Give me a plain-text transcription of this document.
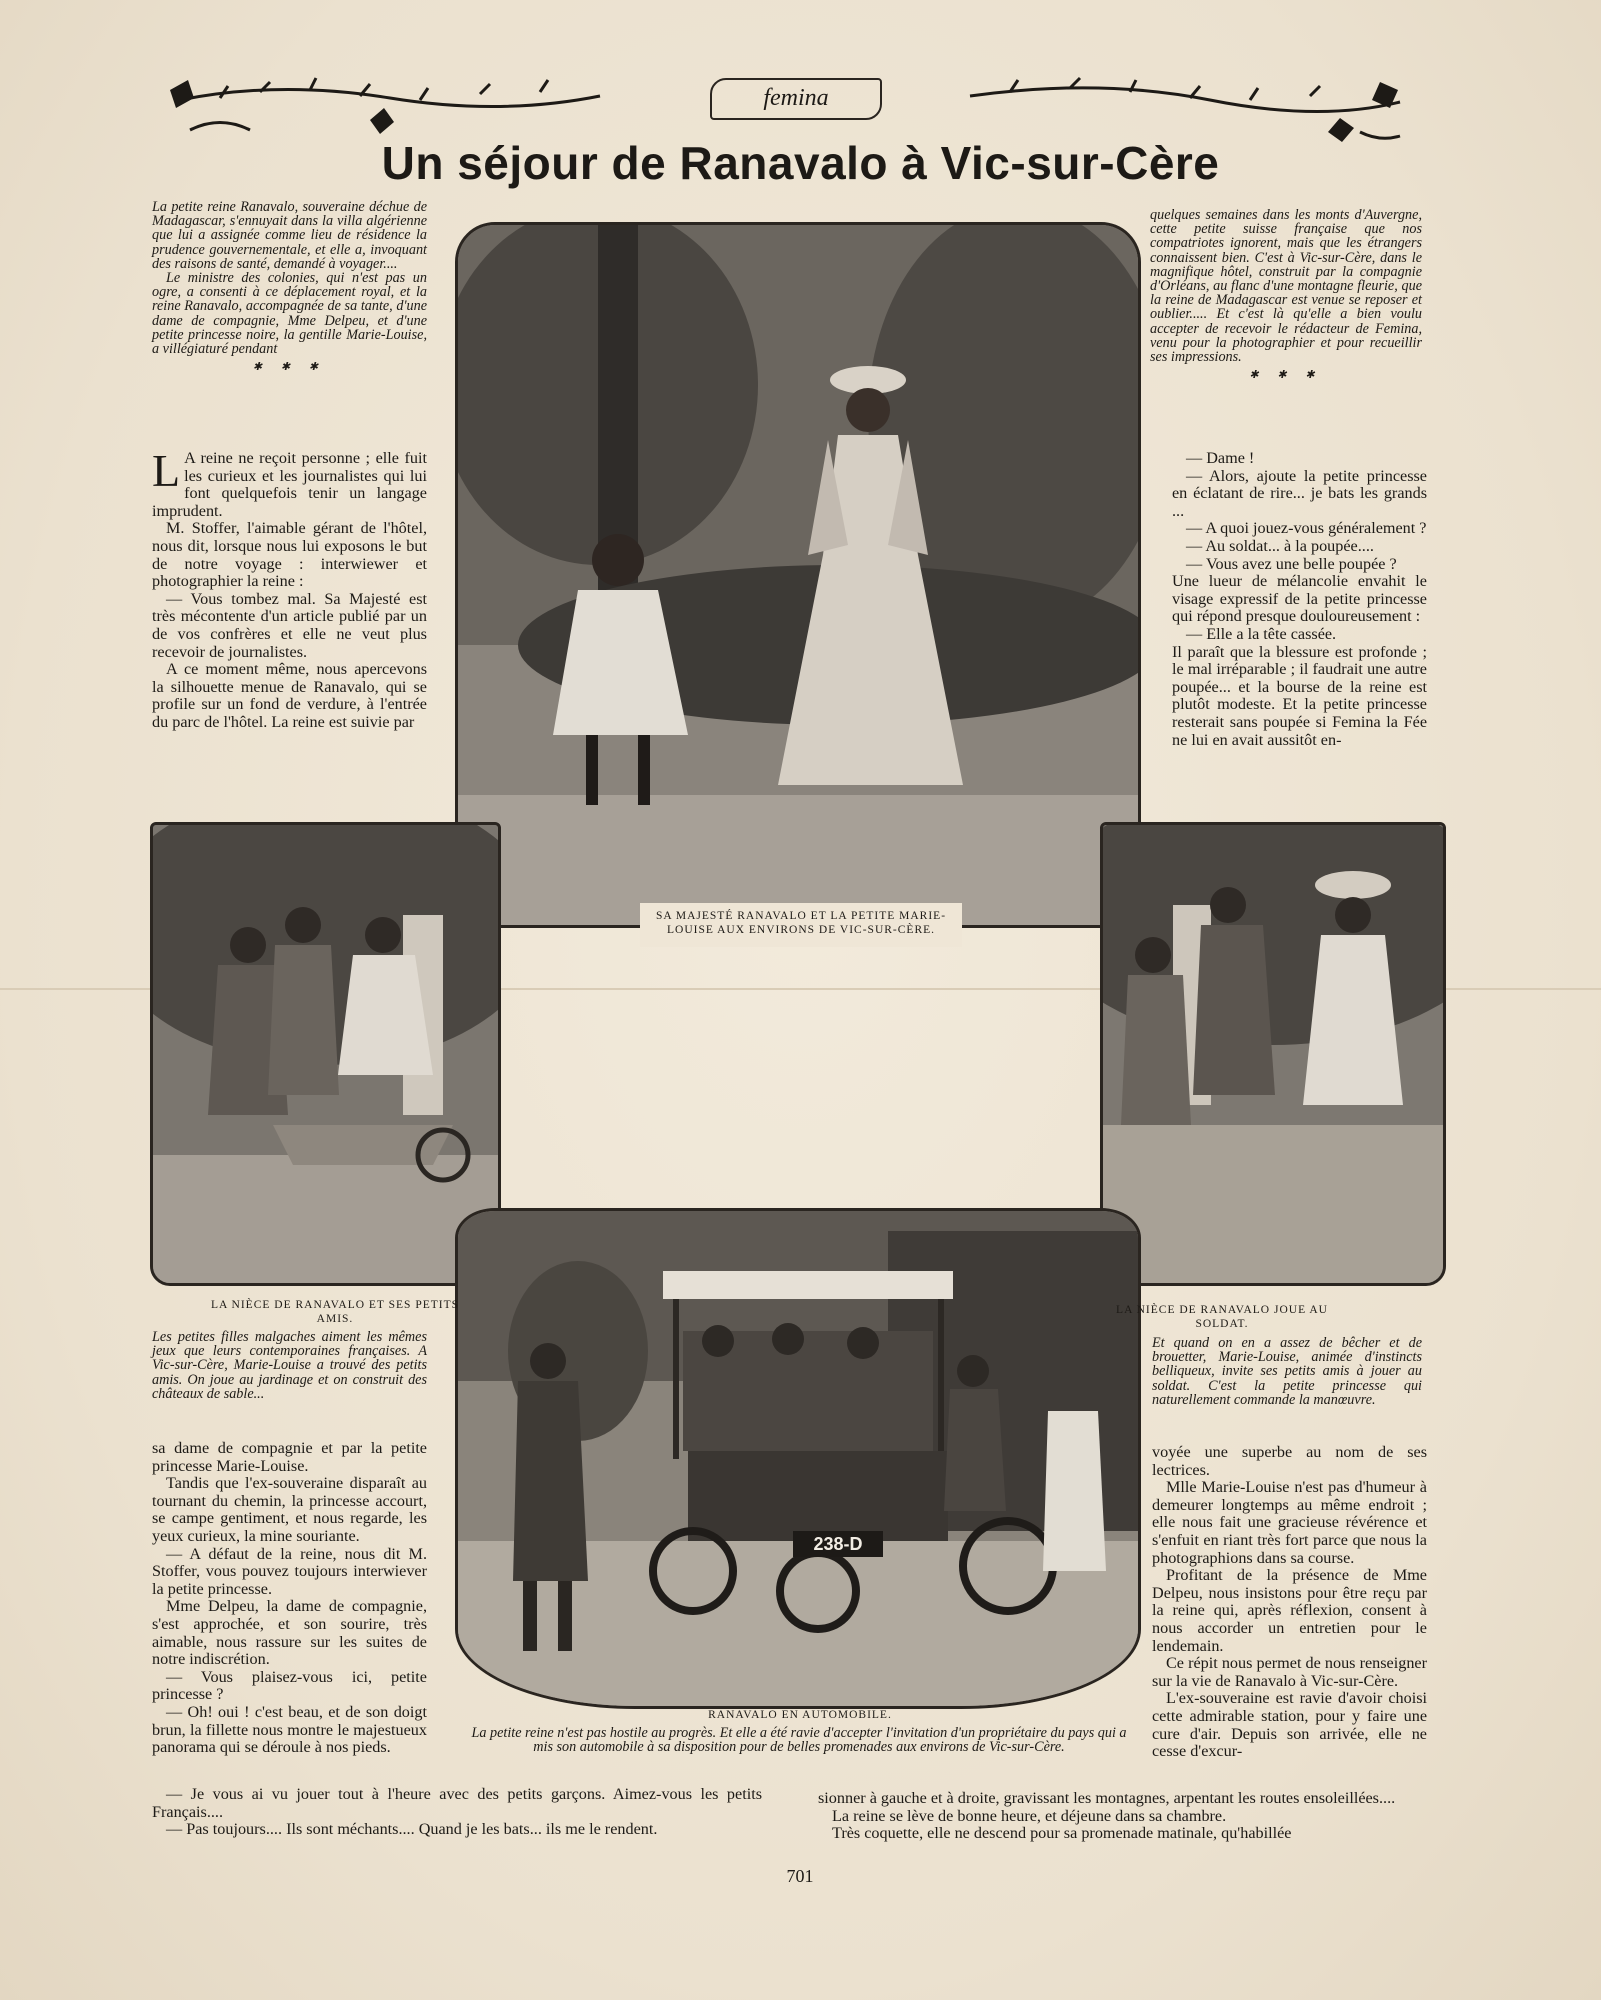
femina
Un séjour de Ranavalo à Vic-sur-Cère

La petite reine Ranavalo, souveraine déchue de Madagascar, s'ennuyait dans la villa algérienne que lui a assignée comme lieu de résidence la prudence gouvernementale, et elle a, invoquant des raisons de santé, demandé à voyager....

Le ministre des colonies, qui n'est pas un ogre, a consenti à ce déplacement royal, et la reine Ranavalo, accompagnée de sa tante, d'une dame de compagnie, Mme Delpeu, et d'une petite princesse noire, la gentille Marie-Louise, a villégiaturé pendant

✱ ✱ ✱

quelques semaines dans les monts d'Auvergne, cette petite suisse française que nos compatriotes ignorent, mais que les étrangers connaissent bien. C'est à Vic-sur-Cère, dans le magnifique hôtel, construit par la compagnie d'Orléans, au flanc d'une montagne fleurie, que la reine de Madagascar est venue se reposer et oublier..... Et c'est là qu'elle a bien voulu accepter de recevoir le rédacteur de Femina, venu pour la photographier et pour recueillir ses impressions.

✱ ✱ ✱

L A reine ne reçoit personne ; elle fuit les curieux et les journalistes qui lui font quelquefois tenir un langage imprudent.

M. Stoffer, l'aimable gérant de l'hôtel, nous dit, lorsque nous lui exposons le but de notre voyage : interwiewer et photographier la reine :

— Vous tombez mal. Sa Majesté est très mécontente d'un article publié par un de vos confrères et elle ne veut plus recevoir de journalistes.

A ce moment même, nous apercevons la silhouette menue de Ranavalo, qui se profile sur un fond de verdure, à l'entrée du parc de l'hôtel. La reine est suivie par

— Dame !

— Alors, ajoute la petite princesse en éclatant de rire... je bats les grands ...

— A quoi jouez-vous généralement ?

— Au soldat... à la poupée....

— Vous avez une belle poupée ?

Une lueur de mélancolie envahit le visage expressif de la petite princesse qui répond presque douloureusement :

— Elle a la tête cassée.

Il paraît que la blessure est profonde ; le mal irréparable ; il faudrait une autre poupée... et la bourse de la reine est plutôt modeste. Et la petite princesse resterait sans poupée si Femina la Fée ne lui en avait aussitôt en-

238-D
SA MAJESTÉ RANAVALO ET LA PETITE MARIE-LOUISE AUX ENVIRONS DE VIC-SUR-CÈRE.
LA NIÈCE DE RANAVALO ET SES PETITS AMIS.
Les petites filles malgaches aiment les mêmes jeux que leurs contemporaines françaises. A Vic-sur-Cère, Marie-Louise a trouvé des petits amis. On joue au jardinage et on construit des châteaux de sable...
LA NIÈCE DE RANAVALO JOUE AU SOLDAT.
Et quand on en a assez de bêcher et de brouetter, Marie-Louise, animée d'instincts belliqueux, invite ses petits amis à jouer au soldat. C'est la petite princesse qui naturellement commande la manœuvre.
RANAVALO EN AUTOMOBILE.
La petite reine n'est pas hostile au progrès. Et elle a été ravie d'accepter l'invitation d'un propriétaire du pays qui a mis son automobile à sa disposition pour de belles promenades aux environs de Vic-sur-Cère.

sa dame de compagnie et par la petite princesse Marie-Louise.

Tandis que l'ex-souveraine disparaît au tournant du chemin, la princesse accourt, se campe gentiment, et nous regarde, les yeux curieux, la mine souriante.

— A défaut de la reine, nous dit M. Stoffer, vous pouvez toujours interwiever la petite princesse.

Mme Delpeu, la dame de compagnie, s'est approchée, et son sourire, très aimable, nous rassure sur les suites de notre indiscrétion.

— Vous plaisez-vous ici, petite princesse ?

— Oh! oui ! c'est beau, et de son doigt brun, la fillette nous montre le majestueux panorama qui se déroule à nos pieds.

— Je vous ai vu jouer tout à l'heure avec des petits garçons. Aimez-vous les petits Français....

— Pas toujours.... Ils sont méchants.... Quand je les bats... ils me le rendent.

voyée une superbe au nom de ses lectrices.

Mlle Marie-Louise n'est pas d'humeur à demeurer longtemps au même endroit ; elle nous fait une gracieuse révérence et s'enfuit en riant très fort parce que nous la photographions dans sa course.

Profitant de la présence de Mme Delpeu, nous insistons pour être reçu par la reine qui, après réflexion, consent à nous accorder un entretien pour le lendemain.

Ce répit nous permet de nous renseigner sur la vie de Ranavalo à Vic-sur-Cère.

L'ex-souveraine est ravie d'avoir choisi cette admirable station, pour y faire une cure d'air. Depuis son arrivée, elle ne cesse d'excur-

sionner à gauche et à droite, gravissant les montagnes, arpentant les routes ensoleillées....

La reine se lève de bonne heure, et déjeune dans sa chambre.

Très coquette, elle ne descend pour sa promenade matinale, qu'habillée

701
